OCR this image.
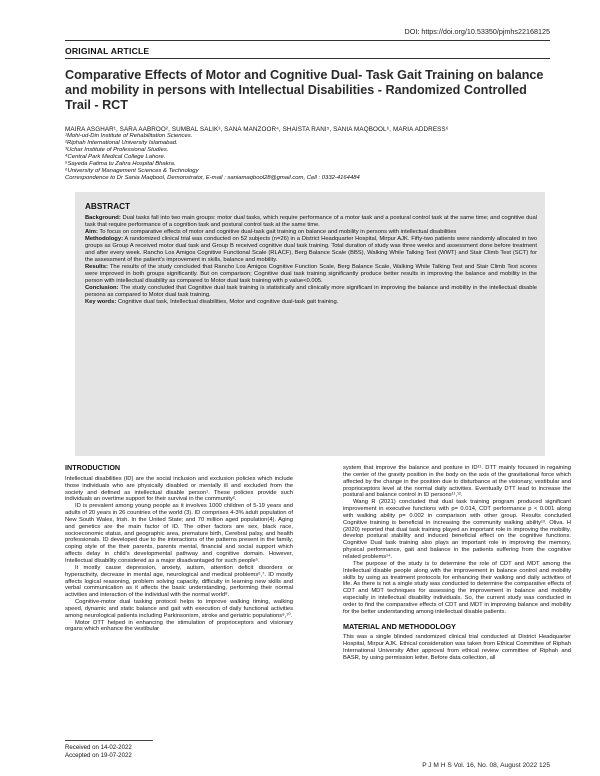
DOI: https://doi.org/10.53350/pjmhs22168125
ORIGINAL ARTICLE
Comparative Effects of Motor and Cognitive Dual- Task Gait Training on balance and mobility in persons with Intellectual Disabilities - Randomized Controlled Trail - RCT
MAIRA ASGHAR¹, SARA AABROO², SUMBAL SALIK³, SANA MANZOOR⁴, SHAISTA RANI⁵, SANIA MAQBOOL⁶, MARIA ADDRESS⁶
¹Mohi-ud-Din Institute of Rehabilitation Sciences.
²Riphah International University Islamabad.
³Uchar Institute of Professional Studies.
⁴Central Park Medical College Lahore.
⁵Sayeda Fatima tu Zahra Hospital Bhakra.
⁶University of Management Sciences & Technology
Correspondence to Dr Sania Maqbool, Demonstrator, E-mail : saniamaqbool28@gmail.com, Cell : 0332-4164484
ABSTRACT

Background: Dual tasks fall into two main groups: motor dual tasks, which require performance of a motor task and a postural control task at the same time; and cognitive dual task that require performance of a cognition task and postural control task at the same time.

Aim: To focus on comparative effects of motor and cognitive dual-task gait training on balance and mobility in persons with intellectual disabilities

Methodology: A randomized clinical trial was conducted on 52 subjects (n=26) in a District Headquarter Hospital, Mirpur AJK. Fifty-two patients were randomly allocated in two groups as Group A received motor dual task and Group B received cognitive dual task training. Total duration of study was three weeks and assessment done before treatment and after every week. Rancho Los Amigos Cognitive Functional Scale (RLACF), Berg Balance Scale (BBS), Walking While Talking Test (WWT) and Stair Climb Test (SCT) for the assessment of the patient's improvement in skills, balance and mobility.

Results: The results of the study concluded that Rancho Los Amigos Cognitive Function Scale, Berg Balance Scale, Walking While Talking Test and Stair Climb Test scores were improved in both groups significantly. But on comparison; Cognitive dual task training significantly produce better results in improving the balance and mobility in the person with intellectual disability as compared to Motor dual task training with p value<0.005.

Conclusion: The study concluded that Cognitive dual task training is statistically and clinically more significant in improving the balance and mobility in the intellectual disable persons as compared to Motor dual task training.

Key words: Cognitive dual task, Intellectual disabilities, Motor and cognitive dual-task gait training.

INTRODUCTION

Intellectual disabilities (ID) are the social inclusion and exclusion policies which include those individuals who are physically disabled or mentally ill and excluded from the society and defined as intellectual disable person¹. These policies provide such individuals an overtime support for their survival in the community².

ID is prevalent among young people as it involves 1000 children of 5-19 years and adults of 20 years in 26 countries of the world (3). ID comprises 4-3% adult population of New South Wales, Irish. In the United State; and 70 million aged population(4). Aging and genetics are the main factor of ID. The other factors are sex, black race, socioeconomic status, and geographic area, premature birth, Cerebral palsy, and health professionals. ID developed due to the interactions of the patterns present in the family, coping style of the their parents, parents mental, financial and social support which affects delay in child's developmental pathway and cognitive domain. However, Intellectual disability considered as a major disadvantaged for such people⁵.

It mostly cause depression, anxiety, autism, attention deficit disorders or hyperactivity, decrease in mental age, neurological and medical problems⁶,⁷. ID mostly affects logical reasoning, problem solving capacity, difficulty in learning new skills and verbal communication as it affects the basic understanding, performing their normal activities and interaction of the individual with the normal world⁸.

Cognitive-motor dual tasking protocol helps to improve walking timing, walking speed, dynamic and static balance and gait with execution of daily functional activities among neurological patients including Parkinsonism, stroke and geriatric populations⁹,¹⁰.

Motor DTT helped in enhancing the stimulation of proprioceptors and visionary organs which enhance the vestibular

system that improve the balance and posture in ID¹¹. DTT mainly focused in regaining the center of the gravity position in the body on the axis of the gravitational force which affected by the change in the position due to disturbance at the visionary, vestibular and proprioceptors level at the normal daily activities. Eventually DTT lead to increase the postural and balance control in ID persons¹¹,¹².

Wang R (2021) concluded that dual task training program produced significant improvement in executive functions with p= 0.014, CDT performance p < 0.001 along with walking ability p= 0.002 in comparison with other group. Results concluded Cognitive training is beneficial in increasing the community walking ability¹³. Oliva. H (2020) reported that dual task training played an important role in improving the mobility, develop postural stability and induced beneficial effect on the cognitive functions. Cognitive Dual task training also plays an important role in improving the memory, physical performance, gait and balance in the patients suffering from the cognitive related problems¹⁴.

The purpose of the study is to determine the role of CDT and MDT among the Intellectual disable people along with the improvement in balance control and mobility skills by using as treatment protocols for enhancing their walking and daily activities of life. As there is not a single study was conducted to determine the comparative effects of CDT and MDT techniques for assessing the improvement in balance and mobility especially in intellectual disability individuals. So, the current study was conducted in order to find the comparative effects of CDT and MDT in improving balance and mobility for the better understanding among intellectual disable patients.

MATERIAL AND METHODOLOGY

This was a single blinded randomized clinical trial conducted at District Headquarter Hospital, Mirpur AJK. Ethical consideration was taken from Ethical Committee of Riphah International University After approval from ethical review committee of Riphah and BASR, by using permission letter. Before data collection, all

Received on 14-02-2022
Accepted on 19-07-2022
P J M H S Vol. 16, No. 08, August 2022 125
